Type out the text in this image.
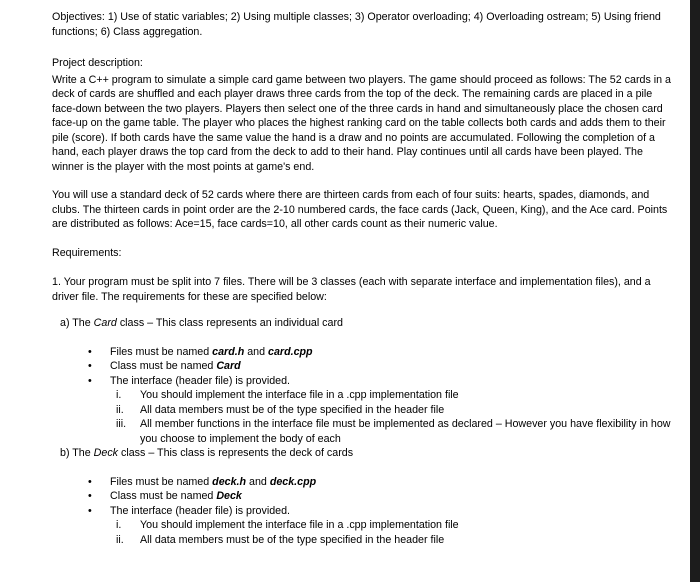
Objectives: 1) Use of static variables; 2) Using multiple classes; 3) Operator overloading; 4) Overloading ostream; 5) Using friend functions; 6) Class aggregation.

Project description:

Write a C++ program to simulate a simple card game between two players. The game should proceed as follows: The 52 cards in a deck of cards are shuffled and each player draws three cards from the top of the deck. The remaining cards are placed in a pile face-down between the two players. Players then select one of the three cards in hand and simultaneously place the chosen card face-up on the game table. The player who places the highest ranking card on the table collects both cards and adds them to their pile (score). If both cards have the same value the hand is a draw and no points are accumulated. Following the completion of a hand, each player draws the top card from the deck to add to their hand. Play continues until all cards have been played. The winner is the player with the most points at game's end.

You will use a standard deck of 52 cards where there are thirteen cards from each of four suits: hearts, spades, diamonds, and clubs. The thirteen cards in point order are the 2-10 numbered cards, the face cards (Jack, Queen, King), and the Ace card. Points are distributed as follows: Ace=15, face cards=10, all other cards count as their numeric value.

Requirements:

1. Your program must be split into 7 files. There will be 3 classes (each with separate interface and implementation files), and a driver file. The requirements for these are specified below:

a) The Card class – This class represents an individual card

• Files must be named card.h and card.cpp
• Class must be named Card
• The interface (header file) is provided.
i. You should implement the interface file in a .cpp implementation file
ii. All data members must be of the type specified in the header file
iii. All member functions in the interface file must be implemented as declared – However you have flexibility in how you choose to implement the body of each

b) The Deck class – This class is represents the deck of cards

• Files must be named deck.h and deck.cpp
• Class must be named Deck
• The interface (header file) is provided.
i. You should implement the interface file in a .cpp implementation file
ii. All data members must be of the type specified in the header file
